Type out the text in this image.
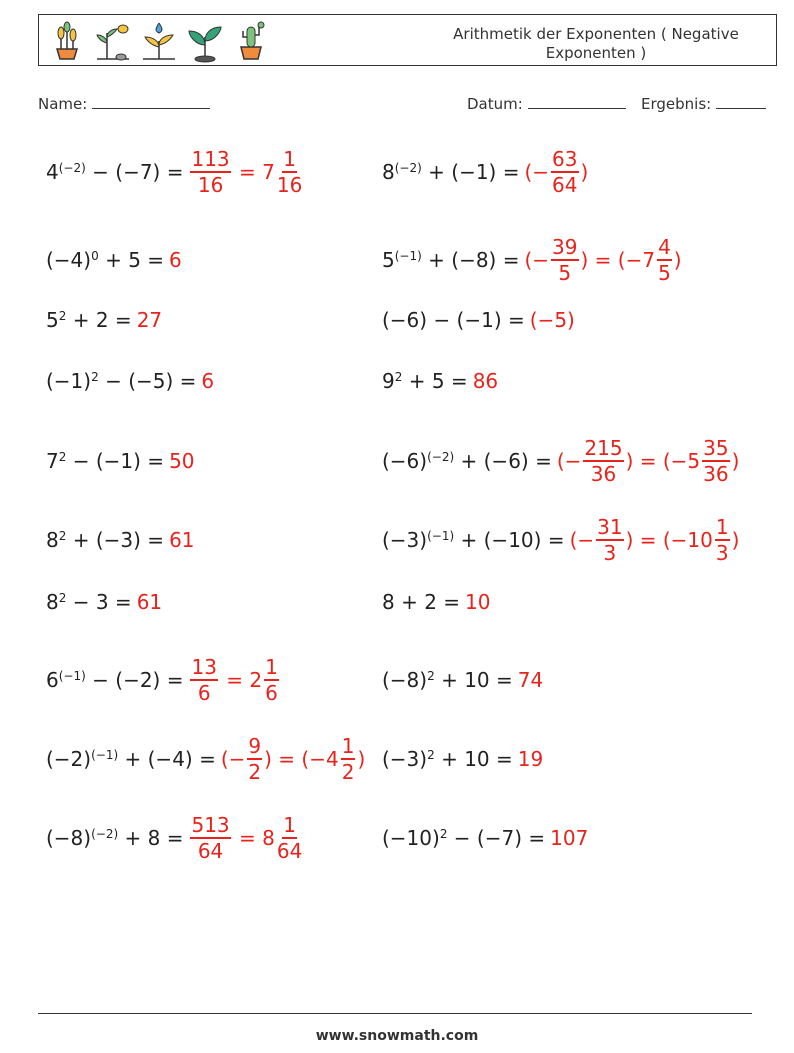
Arithmetik der Exponenten ( Negative Exponenten )
Name:	Datum:	Ergebnis:
$4^{(-2)} - (-7) = \frac{113}{16} = 7 \frac{1}{16}$
$(-4)^0 + 5 = 6$
$5^2 + 2 = 27$
$(-1)^2 - (-5) = 6$
$7^2 - (-1) = 50$
$8^2 + (-3) = 61$
$8^2 - 3 = 61$
$6^{(-1)} - (-2) = \frac{13}{6} = 2 \frac{1}{6}$
$(-2)^{(-1)} + (-4)$ = (− $\frac{9}{2}$ ) = ($-4 \frac{1}{2}$ )
$(-8)^{(-2)} + 8 = \frac{513}{64} = 8 \frac{1}{64}$
$8^{(-2)} + (-1)$ = (− $\frac{63}{64}$ )
$5^{(-1)} + (-8)$ = (− $\frac{39}{5}$ ) = ($-7 \frac{4}{5}$ )
(−6) − (−1) = (−5)
$9^2 + 5 = 86$
$(-6)^{(-2)} + (-6)$ = (− $\frac{215}{36}$ ) = ($-5 \frac{35}{36}$ )
$(-3)^{(-1)} + (-10)$ = (− $\frac{31}{3}$ ) = ($-10 \frac{1}{3}$ )
8 + 2 = 10
$(-8)^2 + 10 = 74$
$(-3)^2 + 10 = 19$
$(-10)^2 - (-7) = 107$
www.snowmath.com
